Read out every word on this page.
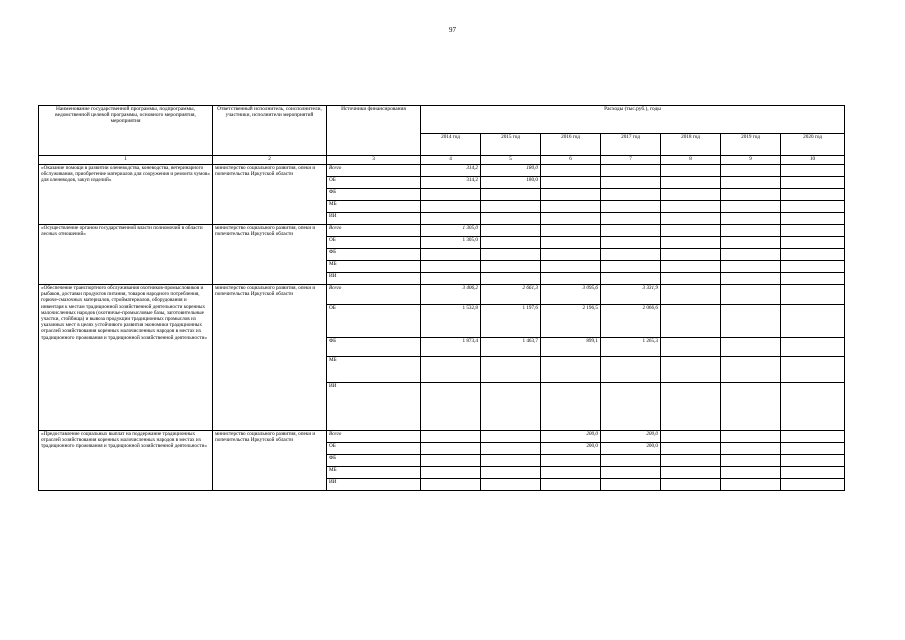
97
Наименование государственной программы, подпрограммы, ведомственной целевой программы, основного мероприятия, мероприятия	Ответственный исполнитель, соисполнители, участники, исполнители мероприятий	Источники финансирования	Расходы (тыс.руб.), годы						
			2014 год	2015 год	2016 год	2017 год	2018 год	2019 год	2020 год
1	2	3	4	5	6	7	8	9	10
«Оказание помощи в развитии оленеводства, коневодства, ветеринарного обслуживания, приобретение материалов для сооружения и ремонта чумов» для оленеводов, закуп изделий»	министерство социального развития, опеки и попечительства Иркутской области	Всего	314,2	180,0					
		ОБ	314,2	180,0					
		ФБ							
		МБ							
		ИИ							
«Осуществление органом государственной власти полномочий в области лесных отношений»	министерство социального развития, опеки и попечительства Иркутской области	Всего	1 305,0						
		ОБ	1 305,0						
		ФБ							
		МБ							
		ИИ							
«Обеспечение транспортного обслуживания охотников-промысловиков и рыбаков, доставки продуктов питания, товаров народного потребления, горюче-смазочных материалов, стройматериалов, оборудования и инвентаря к местам традиционной хозяйственной деятельности коренных малочисленных народов (охотничье-промысловые базы, заготовительные участки, стойбища) и вывоза продукции традиционных промыслов из указанных мест в целях устойчивого развития экономики традиционных отраслей хозяйствования коренных малочисленных народов в местах их традиционного проживания и традиционной хозяйственной деятельности»	министерство социального развития, опеки и попечительства Иркутской области	Всего	3 406,2	2 661,3	3 095,6	3 331,9			
		ОБ	1 532,8	1 197,6	2 196,5	2 066,6			
		ФБ	1 873,4	1 463,7	899,1	1 265,3			
		МБ							
		ИИ							
«Предоставление социальных выплат на поддержание традиционных отраслей хозяйствования коренных малочисленных народов в местах их традиционного проживания и традиционной хозяйственной деятельности»	министерство социального развития, опеки и попечительства Иркутской области	Всего			200,0	200,0			
		ОБ			200,0	200,0			
		ФБ							
		МБ							
		ИИ							
